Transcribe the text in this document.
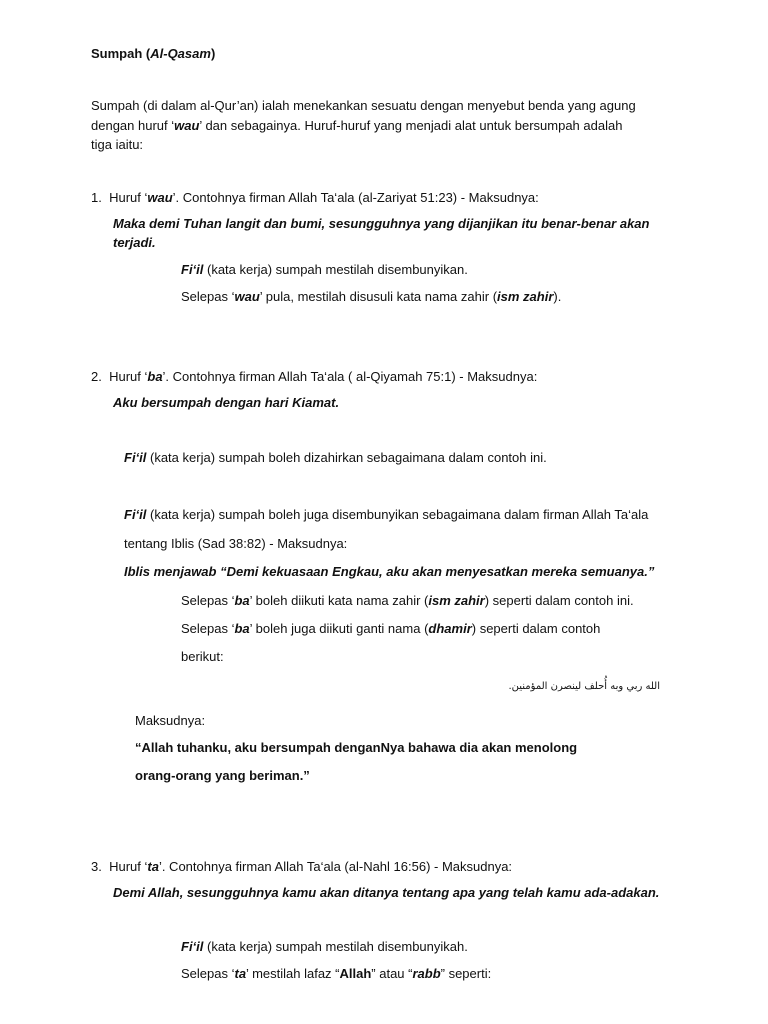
Sumpah (Al-Qasam)
Sumpah (di dalam al-Qur’an) ialah menekankan sesuatu dengan menyebut benda yang agung
dengan huruf ‘wau’ dan sebagainya. Huruf-huruf yang menjadi alat untuk bersumpah adalah
tiga iaitu:
1. Huruf ‘wau’. Contohnya firman Allah Ta‘ala (al-Zariyat 51:23) - Maksudnya:
Maka demi Tuhan langit dan bumi, sesungguhnya yang dijanjikan itu benar-benar akan
terjadi.
Fi‘il (kata kerja) sumpah mestilah disembunyikan.
Selepas ‘wau’ pula, mestilah disusuli kata nama zahir (ism zahir).
2. Huruf ‘ba’. Contohnya firman Allah Ta‘ala ( al-Qiyamah 75:1) - Maksudnya:
Aku bersumpah dengan hari Kiamat.
Fi‘il (kata kerja) sumpah boleh dizahirkan sebagaimana dalam contoh ini.
Fi‘il (kata kerja) sumpah boleh juga disembunyikan sebagaimana dalam firman Allah Ta‘ala
tentang Iblis (Sad 38:82) - Maksudnya:
Iblis menjawab “Demi kekuasaan Engkau, aku akan menyesatkan mereka semuanya.”
Selepas ‘ba’ boleh diikuti kata nama zahir (ism zahir) seperti dalam contoh ini.
Selepas ‘ba’ boleh juga diikuti ganti nama (dhamir) seperti dalam contoh
berikut:
الله ربي وبه أُحلف لينصرن المؤمنين.
Maksudnya:
“Allah tuhanku, aku bersumpah denganNya bahawa dia akan menolong
orang-orang yang beriman.”
3. Huruf ‘ta’. Contohnya firman Allah Ta‘ala (al-Nahl 16:56) - Maksudnya:
Demi Allah, sesungguhnya kamu akan ditanya tentang apa yang telah kamu ada-adakan.
Fi‘il (kata kerja) sumpah mestilah disembunyikah.
Selepas ‘ta’ mestilah lafaz “Allah” atau “rabb” seperti:
